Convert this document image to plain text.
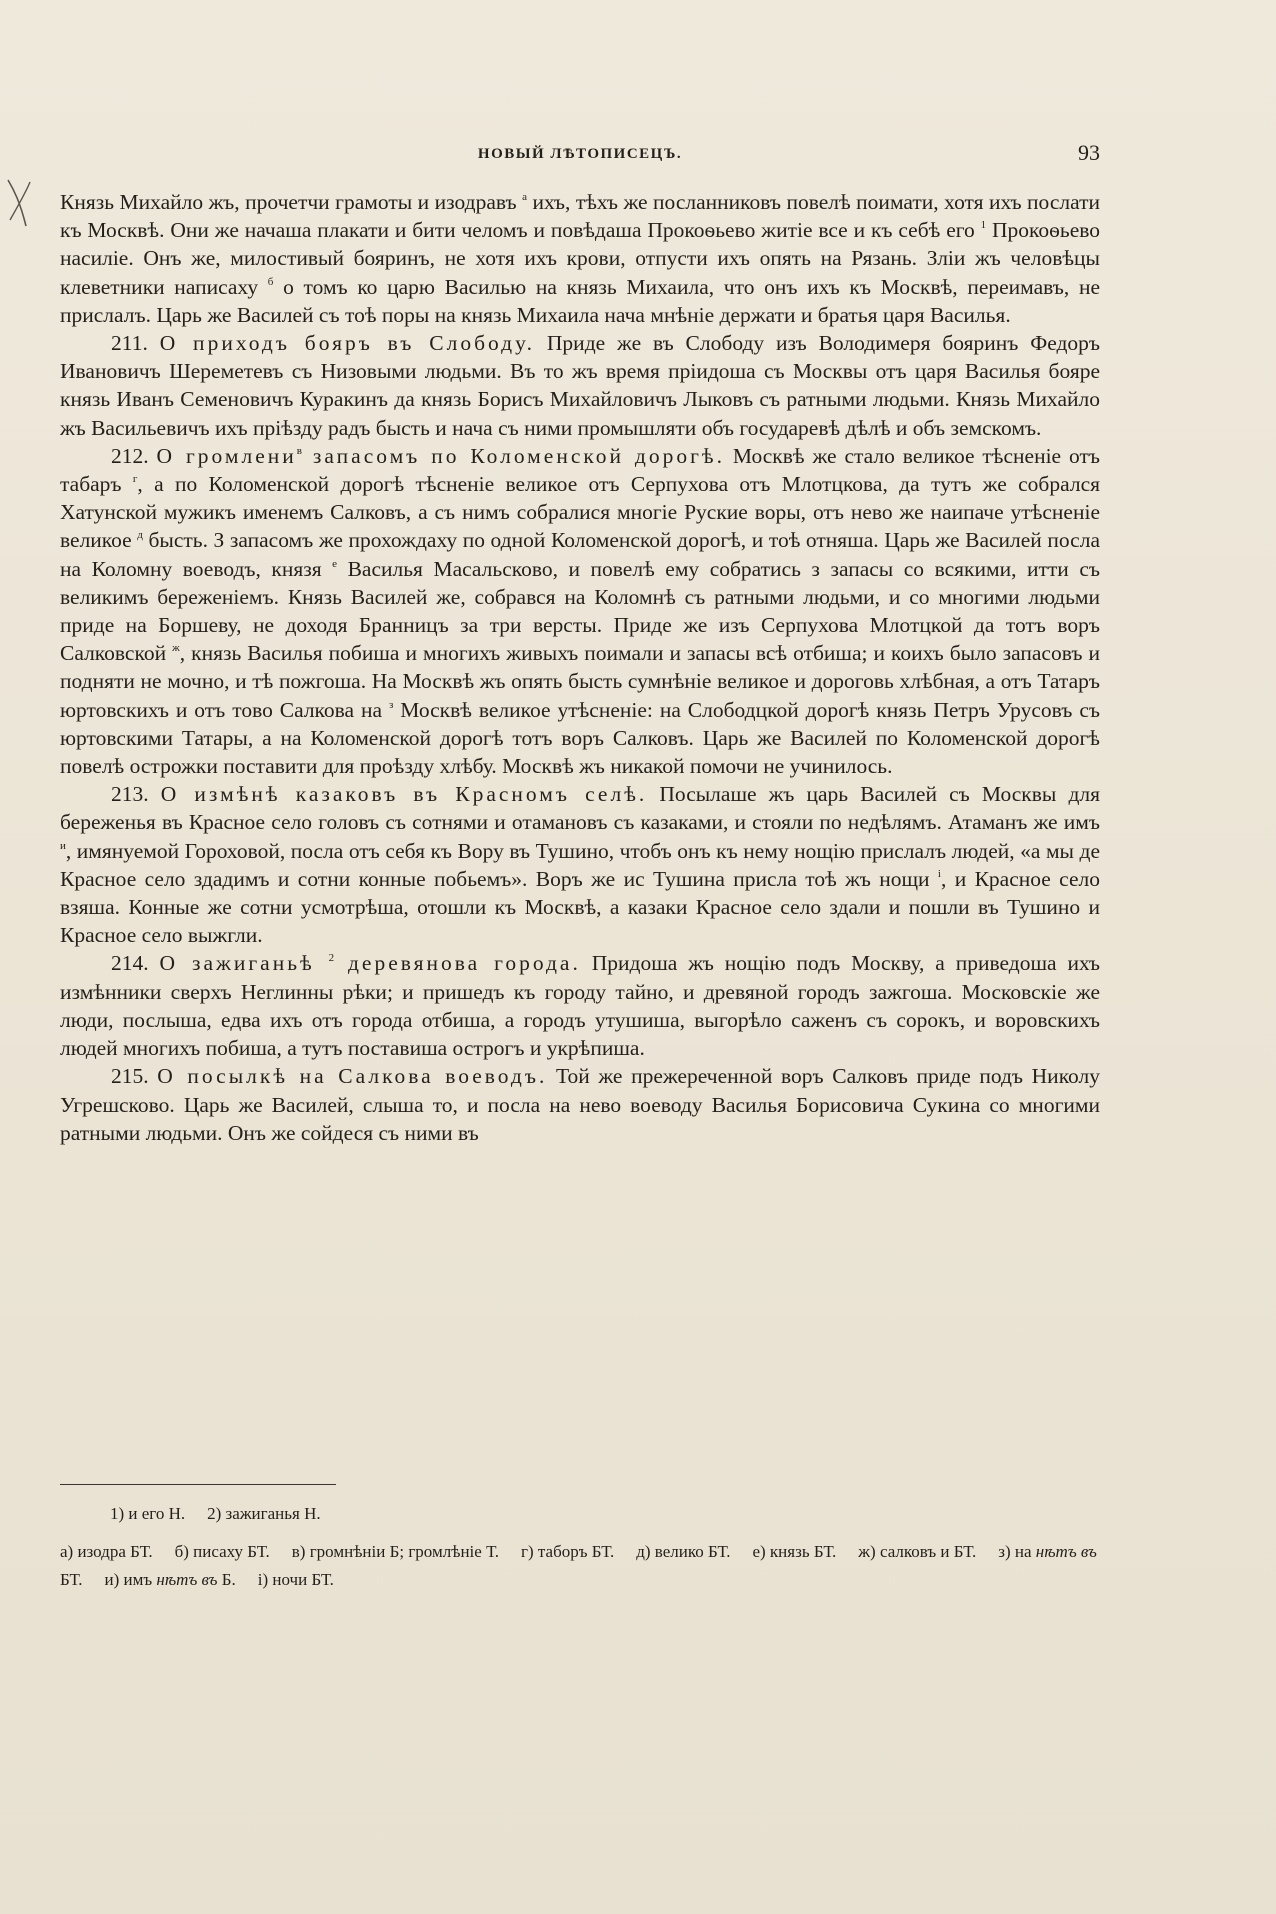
НОВЫЙ ЛѢТОПИСЕЦЪ.	93

Князь Михайло жъ, прочетчи грамоты и изодравъ $^а$ ихъ, тѣхъ же посланниковъ повелѣ поимати, хотя ихъ послати къ Москвѣ. Они же начаша плакати и бити челомъ и повѣдаша Прокоѳьево житіе все и къ себѣ его $^1$ Прокоѳьево насиліе. Онъ же, милостивый бояринъ, не хотя ихъ крови, отпусти ихъ опять на Рязань. Зліи жъ человѣцы клеветники написаху $^б$ о томъ ко царю Василью на князь Михаила, что онъ ихъ къ Москвѣ, переимавъ, не прислалъ. Царь же Василей съ тоѣ поры на князь Михаила нача мнѣніе держати и братья царя Василья.

211. О приходъ бояръ въ Слободу. Приде же въ Слободу изъ Володимеря бояринъ Федоръ Ивановичъ Шереметевъ съ Низовыми людьми. Въ то жъ время пріидоша съ Москвы отъ царя Василья бояре князь Иванъ Семеновичъ Куракинъ да князь Борисъ Михайловичъ Лыковъ съ ратными людьми. Князь Михайло жъ Васильевичъ ихъ пріѣзду радъ бысть и нача съ ними промышляти объ государевѣ дѣлѣ и объ земскомъ.

212. О громлени$^в$ запасомъ по Коломенской дорогѣ. Москвѣ же стало великое тѣсненіе отъ табаръ $^г$, а по Коломенской дорогѣ тѣсненіе великое отъ Серпухова отъ Млотцкова, да тутъ же собрался Хатунской мужикъ именемъ Салковъ, а съ нимъ собралися многіе Руские воры, отъ нево же наипаче утѣсненіе великое $^д$ бысть. З запасомъ же прохождаху по одной Коломенской дорогѣ, и тоѣ отняша. Царь же Василей посла на Коломну воеводъ, князя $^е$ Василья Масальсково, и повелѣ ему собратись з запасы со всякими, итти съ великимъ береженіемъ. Князь Василей же, собрався на Коломнѣ съ ратными людьми, и со многими людьми приде на Боршеву, не доходя Бранницъ за три версты. Приде же изъ Серпухова Млотцкой да тотъ воръ Салковской $^ж$, князь Василья побиша и многихъ живыхъ поимали и запасы всѣ отбиша; и коихъ было запасовъ и подняти не мочно, и тѣ пожгоша. На Москвѣ жъ опять бысть сумнѣніе великое и дороговь хлѣбная, а отъ Татаръ юртовскихъ и отъ тово Салкова на $^з$ Москвѣ великое утѣсненіе: на Слободцкой дорогѣ князь Петръ Урусовъ съ юртовскими Татары, а на Коломенской дорогѣ тотъ воръ Салковъ. Царь же Василей по Коломенской дорогѣ повелѣ острожки поставити для проѣзду хлѣбу. Москвѣ жъ никакой помочи не учинилось.

213. О измѣнѣ казаковъ въ Красномъ селѣ. Посылаше жъ царь Василей съ Москвы для береженья въ Красное село головъ съ сотнями и отамановъ съ казаками, и стояли по недѣлямъ. Атаманъ же имъ $^и$, имянуемой Гороховой, посла отъ себя къ Вору въ Тушино, чтобъ онъ къ нему нощію прислалъ людей, «а мы де Красное село здадимъ и сотни конные побьемъ». Воръ же ис Тушина присла тоѣ жъ нощи $^і$, и Красное село взяша. Конные же сотни усмотрѣша, отошли къ Москвѣ, а казаки Красное село здали и пошли въ Тушино и Красное село выжгли.

214. О зажиганьѣ $^2$ деревянова города. Придоша жъ нощію подъ Москву, а приведоша ихъ измѣнники сверхъ Неглинны рѣки; и пришедъ къ городу тайно, и древяной городъ зажгоша. Московскіе же люди, послыша, едва ихъ отъ города отбиша, а городъ утушиша, выгорѣло саженъ съ сорокъ, и воровскихъ людей многихъ побиша, а тутъ поставиша острогъ и укрѣпиша.

215. О посылкѣ на Салкова воеводъ. Той же прежереченной воръ Салковъ приде подъ Николу Угрешсково. Царь же Василей, слыша то, и посла на нево воеводу Василья Борисовича Сукина со многими ратными людьми. Онъ же сойдеся съ ними въ

1) и его Н. 2) зажиганья Н.
а) изодра БТ. б) писаху БТ. в) громнѣніи Б; громлѣніе Т. г) таборъ БТ. д) велико БТ. е) князь БТ. ж) салковъ и БТ. з) на нѣтъ въ БТ. и) имъ нѣтъ въ Б. і) ночи БТ.
